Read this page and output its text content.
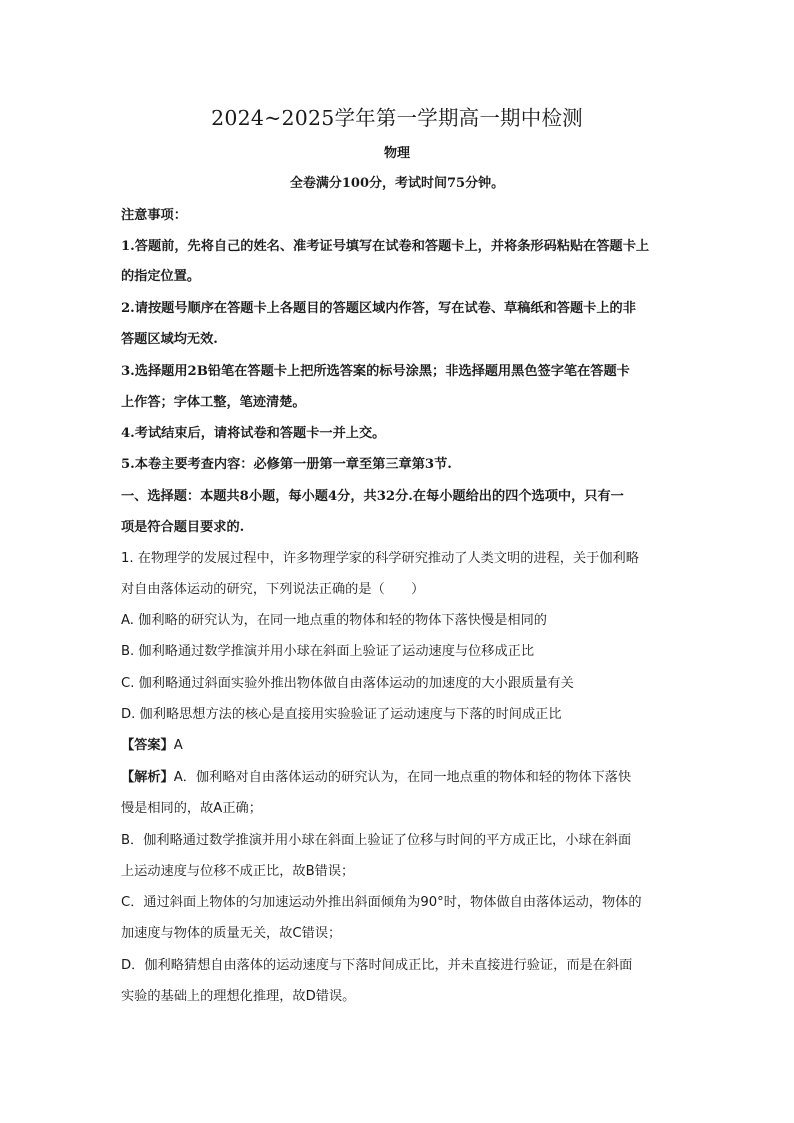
2024~2025学年第一学期高一期中检测
物理
全卷满分100分，考试时间75分钟。
注意事项：
1.答题前，先将自己的姓名、准考证号填写在试卷和答题卡上，并将条形码粘贴在答题卡上
的指定位置。
2.请按题号顺序在答题卡上各题目的答题区域内作答，写在试卷、草稿纸和答题卡上的非
答题区域均无效.
3.选择题用2B铅笔在答题卡上把所选答案的标号涂黑；非选择题用黑色签字笔在答题卡
上作答；字体工整，笔迹清楚。
4.考试结束后，请将试卷和答题卡一并上交。
5.本卷主要考查内容：必修第一册第一章至第三章第3节.
一、选择题：本题共8小题，每小题4分，共32分.在每小题给出的四个选项中，只有一
项是符合题目要求的.
1. 在物理学的发展过程中，许多物理学家的科学研究推动了人类文明的进程，关于伽利略
对自由落体运动的研究，下列说法正确的是（　　）
A. 伽利略的研究认为，在同一地点重的物体和轻的物体下落快慢是相同的
B. 伽利略通过数学推演并用小球在斜面上验证了运动速度与位移成正比
C. 伽利略通过斜面实验外推出物体做自由落体运动的加速度的大小跟质量有关
D. 伽利略思想方法的核心是直接用实验验证了运动速度与下落的时间成正比
【答案】A
【解析】A．伽利略对自由落体运动的研究认为，在同一地点重的物体和轻的物体下落快
慢是相同的，故A正确；
B．伽利略通过数学推演并用小球在斜面上验证了位移与时间的平方成正比，小球在斜面
上运动速度与位移不成正比，故B错误；
C．通过斜面上物体的匀加速运动外推出斜面倾角为90°时，物体做自由落体运动，物体的
加速度与物体的质量无关，故C错误；
D．伽利略猜想自由落体的运动速度与下落时间成正比，并未直接进行验证，而是在斜面
实验的基础上的理想化推理，故D错误。
